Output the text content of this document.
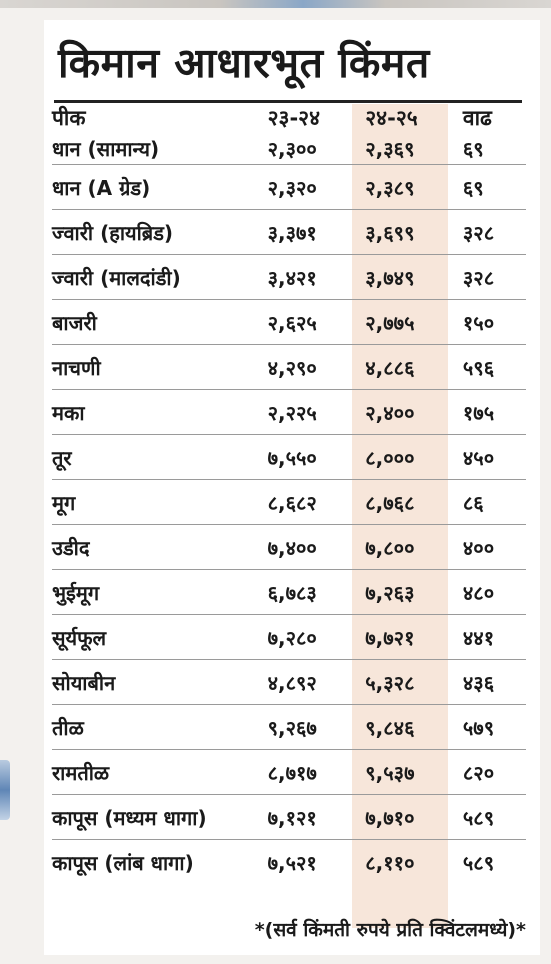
किमान आधारभूत किंमत
पीक	२३-२४	२४-२५	वाढ
धान (सामान्य)	२,३००	२,३६९	६९
धान (A ग्रेड)	२,३२०	२,३८९	६९
ज्वारी (हायब्रिड)	३,३७१	३,६९९	३२८
ज्वारी (मालदांडी)	३,४२१	३,७४९	३२८
बाजरी	२,६२५	२,७७५	१५०
नाचणी	४,२९०	४,८८६	५९६
मका	२,२२५	२,४००	१७५
तूर	७,५५०	८,०००	४५०
मूग	८,६८२	८,७६८	८६
उडीद	७,४००	७,८००	४००
भुईमूग	६,७८३	७,२६३	४८०
सूर्यफूल	७,२८०	७,७२१	४४१
सोयाबीन	४,८९२	५,३२८	४३६
तीळ	९,२६७	९,८४६	५७९
रामतीळ	८,७१७	९,५३७	८२०
कापूस (मध्यम धागा)	७,१२१	७,७१०	५८९
कापूस (लांब धागा)	७,५२१	८,११०	५८९
*(सर्व किंमती रुपये प्रति क्विंटलमध्ये)*
